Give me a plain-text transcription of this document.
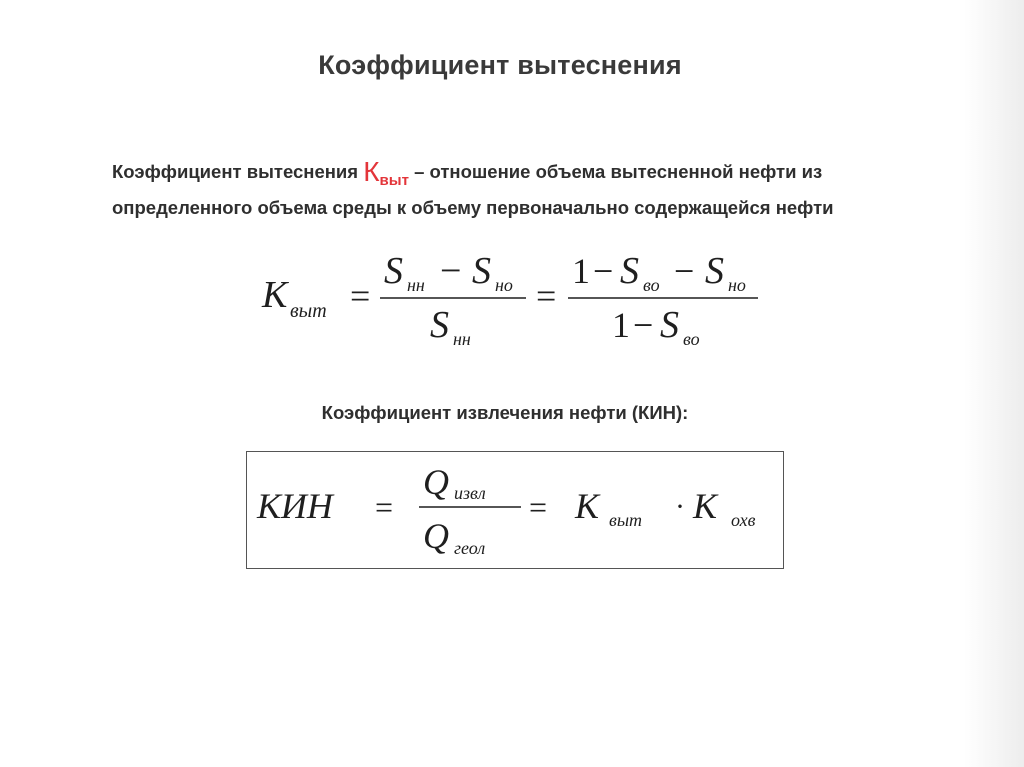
Коэффициент вытеснения
Коэффициент вытеснения $К_{выт}$ – отношение объема вытесненной нефти из определенного объема среды к объему первоначально содержащейся нефти
K выт =
S нн − S но
S нн
=
1 − S во − S но
1 − S во
Коэффициент извлечения нефти (КИН):
КИН =
Q извл
Q геол
= K выт · K охв
